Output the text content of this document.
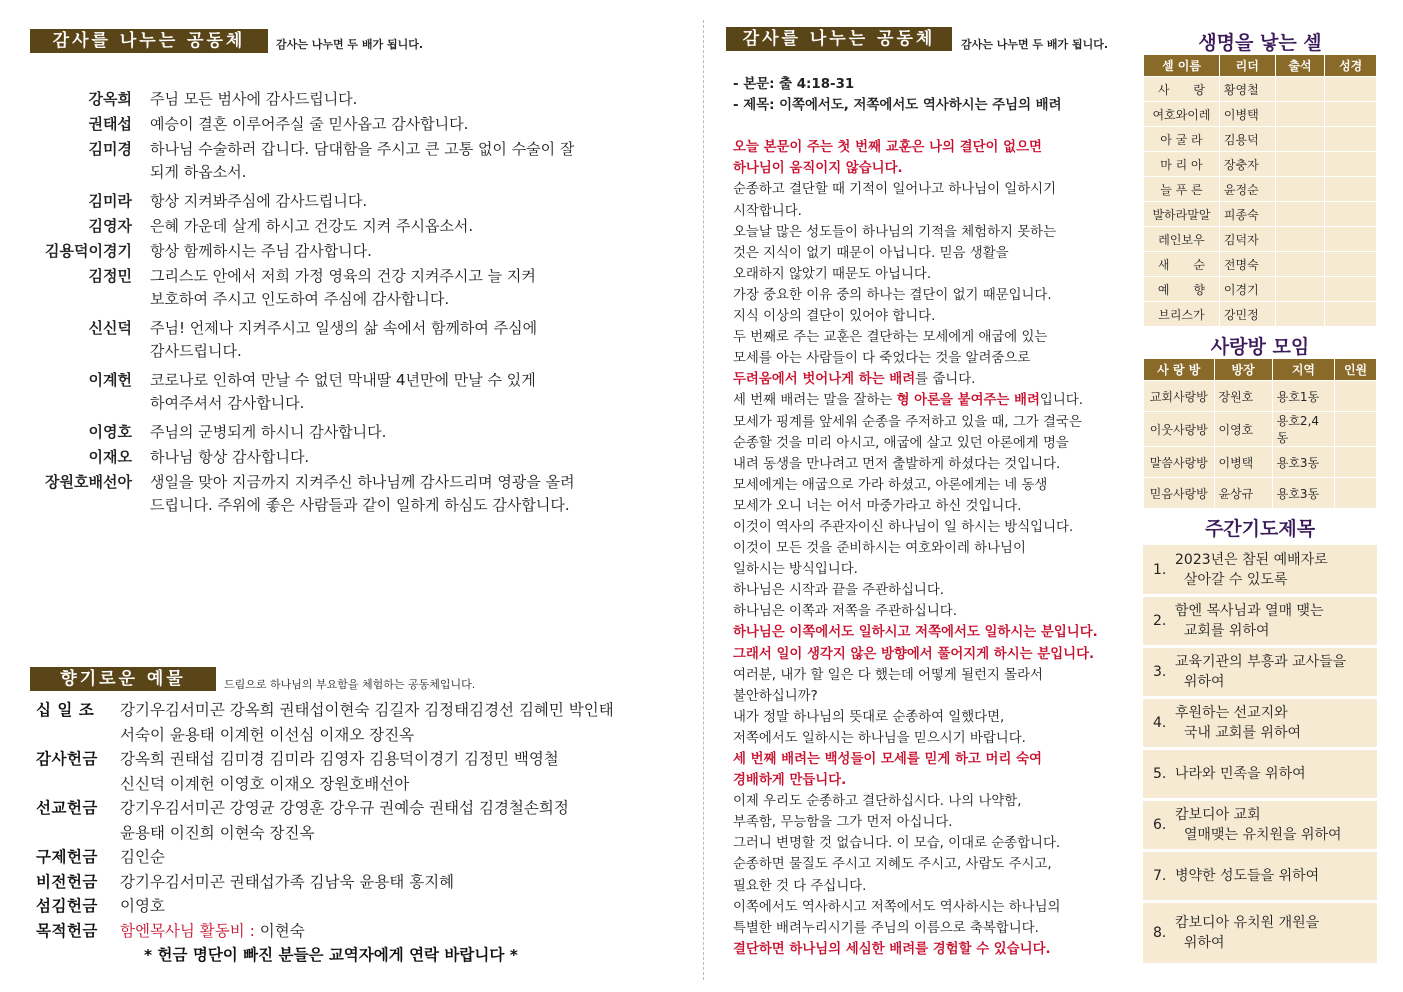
감사를 나누는 공동체	감사는 나누면 두 배가 됩니다.
강옥희 주님 모든 범사에 감사드립니다.
권태섭 예승이 결혼 이루어주실 줄 믿사옵고 감사합니다.
김미경 하나님 수술하러 갑니다. 담대함을 주시고 큰 고통 없이 수술이 잘
되게 하옵소서.
김미라 항상 지켜봐주심에 감사드립니다.
김영자 은혜 가운데 살게 하시고 건강도 지켜 주시옵소서.
김용덕이경기 항상 함께하시는 주님 감사합니다.
김정민 그리스도 안에서 저희 가정 영육의 건강 지켜주시고 늘 지켜
보호하여 주시고 인도하여 주심에 감사합니다.
신신덕 주님! 언제나 지켜주시고 일생의 삶 속에서 함께하여 주심에
감사드립니다.
이계헌 코로나로 인하여 만날 수 없던 막내딸 4년만에 만날 수 있게
하여주셔서 감사합니다.
이영호 주님의 군병되게 하시니 감사합니다.
이재오 하나님 항상 감사합니다.
장원호배선아 생일을 맞아 지금까지 지켜주신 하나님께 감사드리며 영광을 올려
드립니다. 주위에 좋은 사람들과 같이 일하게 하심도 감사합니다.
향기로운 예물	드림으로 하나님의 부요함을 체험하는 공동체입니다.
십 일 조	강기우김서미곤 강옥희 권태섭이현숙 김길자 김정태김경선 김혜민 박인태
서숙이 윤용태 이계헌 이선심 이재오 장진옥
감사헌금	강옥희 권태섭 김미경 김미라 김영자 김용덕이경기 김정민 백영철
신신덕 이계헌 이영호 이재오 장원호배선아
선교헌금	강기우김서미곤 강영균 강영훈 강우규 권예승 권태섭 김경철손희정
윤용태 이진희 이현숙 장진옥
구제헌금	김인순
비전헌금	강기우김서미곤 권태섭가족 김남욱 윤용태 홍지혜
섬김헌금	이영호
목적헌금	함엔목사님 활동비 : 이현숙
* 헌금 명단이 빠진 분들은 교역자에게 연락 바랍니다 *
감사를 나누는 공동체	감사는 나누면 두 배가 됩니다.

- 본문: 출 4:18-31

- 제목: 이쪽에서도, 저쪽에서도 역사하시는 주님의 배려

오늘 본문이 주는 첫 번째 교훈은 나의 결단이 없으면

하나님이 움직이지 않습니다.

순종하고 결단할 때 기적이 일어나고 하나님이 일하시기

시작합니다.

오늘날 많은 성도들이 하나님의 기적을 체험하지 못하는

것은 지식이 없기 때문이 아닙니다. 믿음 생활을

오래하지 않았기 때문도 아닙니다.

가장 중요한 이유 중의 하나는 결단이 없기 때문입니다.

지식 이상의 결단이 있어야 합니다.

두 번째로 주는 교훈은 결단하는 모세에게 애굽에 있는

모세를 아는 사람들이 다 죽었다는 것을 알려줌으로

두려움에서 벗어나게 하는 배려를 줍니다.

세 번째 배려는 말을 잘하는 형 아론을 붙여주는 배려입니다.

모세가 핑계를 앞세워 순종을 주저하고 있을 때, 그가 결국은

순종할 것을 미리 아시고, 애굽에 살고 있던 아론에게 명을

내려 동생을 만나려고 먼저 출발하게 하셨다는 것입니다.

모세에게는 애굽으로 가라 하셨고, 아론에게는 네 동생

모세가 오니 너는 어서 마중가라고 하신 것입니다.

이것이 역사의 주관자이신 하나님이 일 하시는 방식입니다.

이것이 모든 것을 준비하시는 여호와이레 하나님이

일하시는 방식입니다.

하나님은 시작과 끝을 주관하십니다.

하나님은 이쪽과 저쪽을 주관하십니다.

하나님은 이쪽에서도 일하시고 저쪽에서도 일하시는 분입니다.

그래서 일이 생각지 않은 방향에서 풀어지게 하시는 분입니다.

여러분, 내가 할 일은 다 했는데 어떻게 될런지 몰라서

불안하십니까?

내가 정말 하나님의 뜻대로 순종하여 일했다면,

저쪽에서도 일하시는 하나님을 믿으시기 바랍니다.

세 번째 배려는 백성들이 모세를 믿게 하고 머리 숙여

경배하게 만듭니다.

이제 우리도 순종하고 결단하십시다. 나의 나약함,

부족함, 무능함을 그가 먼저 아십니다.

그러니 변명할 것 없습니다. 이 모습, 이대로 순종합니다.

순종하면 물질도 주시고 지혜도 주시고, 사람도 주시고,

필요한 것 다 주십니다.

이쪽에서도 역사하시고 저쪽에서도 역사하시는 하나님의

특별한 배려누리시기를 주님의 이름으로 축복합니다.

결단하면 하나님의 세심한 배려를 경험할 수 있습니다.

생명을 낳는 셀
셀 이름	리더	출석	성경
사　　랑	황영철		
여호와이레	이병택		
아 굴 라	김용덕		
마 리 아	장충자		
늘 푸 른	윤정순		
발하라말알	피종숙		
레인보우	김덕자		
새　　순	전명숙		
예　　향	이경기		
브리스가	강민정		
사랑방 모임
사 랑 방	방장	지역	인원
교회사랑방	장원호	용호1동	
이웃사랑방	이영호	용호2,4동	
말씀사랑방	이병택	용호3동	
믿음사랑방	윤상규	용호3동	
주간기도제목
1.
2023년은 참된 예배자로
살아갈 수 있도록
2.
함엔 목사님과 열매 맺는
교회를 위하여
3.
교육기관의 부흥과 교사들을
위하여
4.
후원하는 선교지와
국내 교회를 위하여
5. 나라와 민족을 위하여
6.
캄보디아 교회
열매맺는 유치원을 위하여
7. 병약한 성도들을 위하여
8.
캄보디아 유치원 개원을
위하여
